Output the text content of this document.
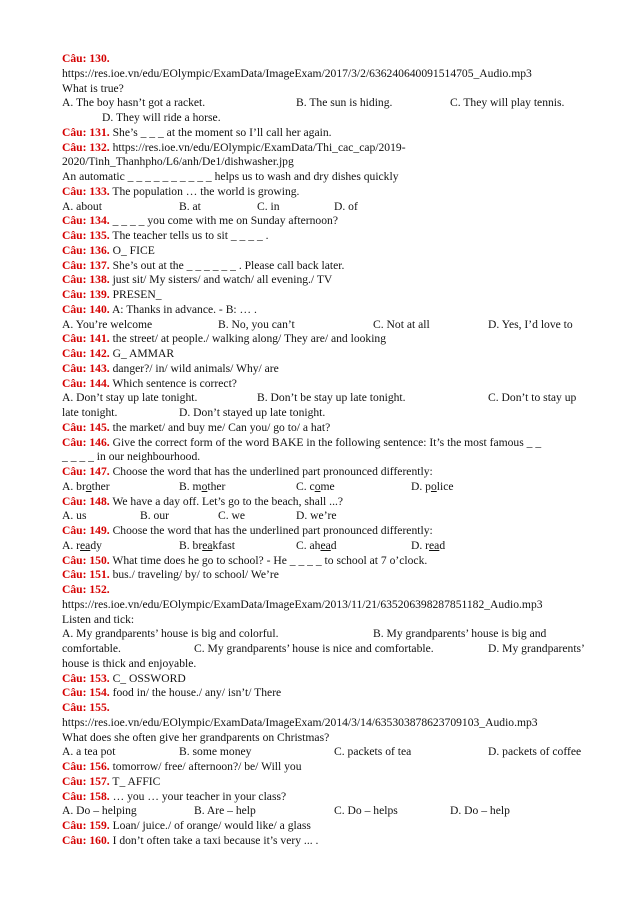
Câu: 130.
https://res.ioe.vn/edu/EOlympic/ExamData/ImageExam/2017/3/2/636240640091514705_Audio.mp3
What is true?
A. The boy hasn’t got a racket.	B. The sun is hiding.	C. They will play tennis.
D. They will ride a horse.
Câu: 131. She’s _ _ _ at the moment so I’ll call her again.
Câu: 132. https://res.ioe.vn/edu/EOlympic/ExamData/Thi_cac_cap/2019-
2020/Tinh_Thanhpho/L6/anh/De1/dishwasher.jpg
An automatic _ _ _ _ _ _ _ _ _ _ helps us to wash and dry dishes quickly
Câu: 133. The population … the world is growing.
A. about	B. at	C. in	D. of
Câu: 134. _ _ _ _ you come with me on Sunday afternoon?
Câu: 135. The teacher tells us to sit _ _ _ _ .
Câu: 136. O_ FICE
Câu: 137. She’s out at the _ _ _ _ _ _ . Please call back later.
Câu: 138. just sit/ My sisters/ and watch/ all evening./ TV
Câu: 139. PRESEN_
Câu: 140. A: Thanks in advance. - B: … .
A. You’re welcome	B. No, you can’t	C. Not at all	D. Yes, I’d love to
Câu: 141. the street/ at people./ walking along/ They are/ and looking
Câu: 142. G_ AMMAR
Câu: 143. danger?/ in/ wild animals/ Why/ are
Câu: 144. Which sentence is correct?
A. Don’t stay up late tonight.	B. Don’t be stay up late tonight.	C. Don’t to stay up
late tonight.	D. Don’t stayed up late tonight.
Câu: 145. the market/ and buy me/ Can you/ go to/ a hat?
Câu: 146. Give the correct form of the word BAKE in the following sentence: It’s the most famous _ _
_ _ _ _ in our neighbourhood.
Câu: 147. Choose the word that has the underlined part pronounced differently:
A. brother	B. mother	C. come	D. police
Câu: 148. We have a day off. Let’s go to the beach, shall ...?
A. us	B. our	C. we	D. we’re
Câu: 149. Choose the word that has the underlined part pronounced differently:
A. ready	B. breakfast	C. ahead	D. read
Câu: 150. What time does he go to school? - He _ _ _ _ to school at 7 o’clock.
Câu: 151. bus./ traveling/ by/ to school/ We’re
Câu: 152.
https://res.ioe.vn/edu/EOlympic/ExamData/ImageExam/2013/11/21/635206398287851182_Audio.mp3
Listen and tick:
A. My grandparents’ house is big and colorful.	B. My grandparents’ house is big and
comfortable.	C. My grandparents’ house is nice and comfortable.	D. My grandparents’
house is thick and enjoyable.
Câu: 153. C_ OSSWORD
Câu: 154. food in/ the house./ any/ isn’t/ There
Câu: 155.
https://res.ioe.vn/edu/EOlympic/ExamData/ImageExam/2014/3/14/635303878623709103_Audio.mp3
What does she often give her grandparents on Christmas?
A. a tea pot	B. some money	C. packets of tea	D. packets of coffee
Câu: 156. tomorrow/ free/ afternoon?/ be/ Will you
Câu: 157. T_ AFFIC
Câu: 158. … you … your teacher in your class?
A. Do – helping	B. Are – help	C. Do – helps	D. Do – help
Câu: 159. Loan/ juice./ of orange/ would like/ a glass
Câu: 160. I don’t often take a taxi because it’s very ... .
